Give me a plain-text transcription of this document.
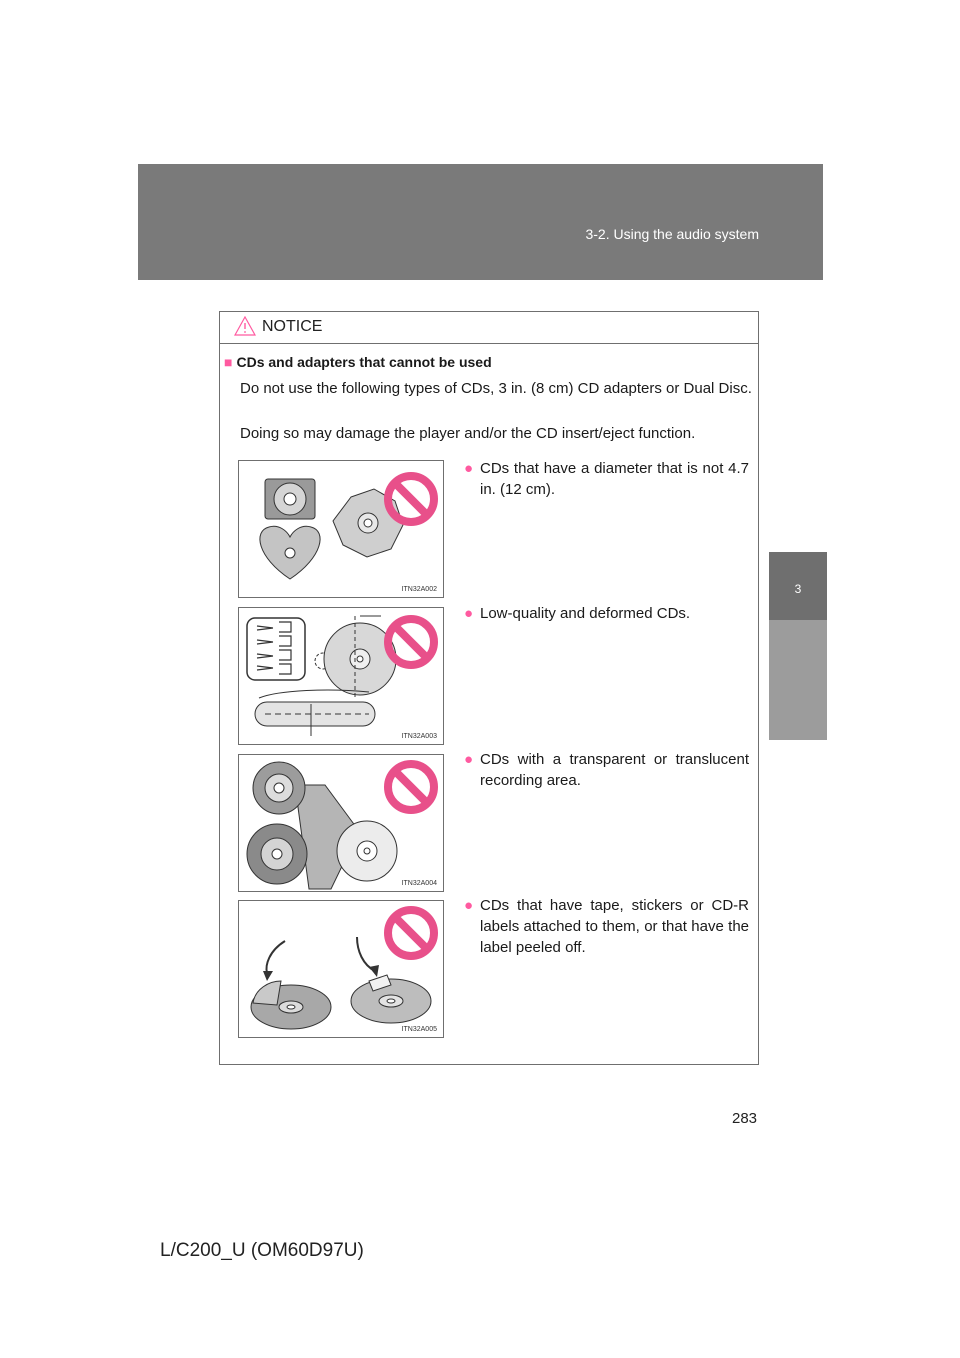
3-2. Using the audio system
3
Interior features
NOTICE
■ CDs and adapters that cannot be used
Do not use the following types of CDs, 3 in. (8 cm) CD adapters or Dual Disc.
Doing so may damage the player and/or the CD insert/eject function.
ITN32A002
● CDs that have a diameter that is not 4.7 in. (12 cm).
ITN32A003
● Low-quality and deformed CDs.
ITN32A004
● CDs with a transparent or translucent recording area.
ITN32A005
● CDs that have tape, stickers or CD-R labels attached to them, or that have the label peeled off.
283
L/C200_U (OM60D97U)
